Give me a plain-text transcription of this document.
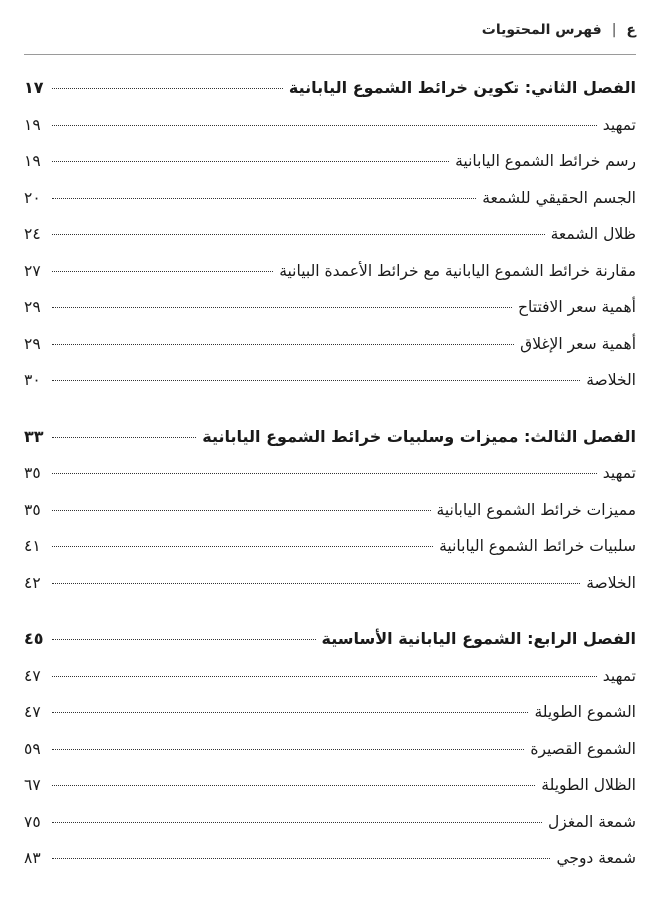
ع
|
فهرس المحتويات
الفصل الثاني: تكوين خرائط الشموع اليابانية
١٧
تمهيد
١٩
رسم خرائط الشموع اليابانية
١٩
الجسم الحقيقي للشمعة
٢٠
ظلال الشمعة
٢٤
مقارنة خرائط الشموع اليابانية مع خرائط الأعمدة البيانية
٢٧
أهمية سعر الافتتاح
٢٩
أهمية سعر الإغلاق
٢٩
الخلاصة
٣٠
الفصل الثالث: مميزات وسلبيات خرائط الشموع اليابانية
٣٣
تمهيد
٣٥
مميزات خرائط الشموع اليابانية
٣٥
سلبيات خرائط الشموع اليابانية
٤١
الخلاصة
٤٢
الفصل الرابع: الشموع اليابانية الأساسية
٤٥
تمهيد
٤٧
الشموع الطويلة
٤٧
الشموع القصيرة
٥٩
الظلال الطويلة
٦٧
شمعة المغزل
٧٥
شمعة دوجي
٨٣
